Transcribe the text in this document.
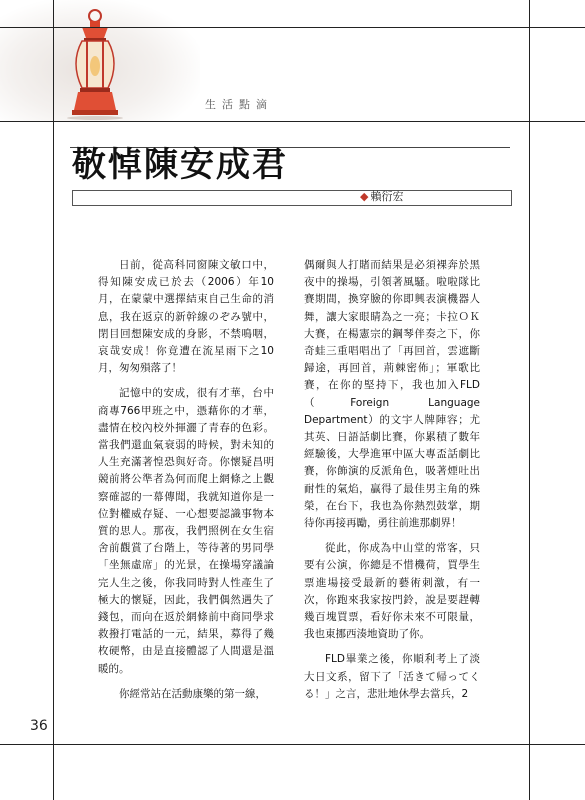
生活點滴
敬悼陳安成君
◆ 賴衍宏

日前，從高科同窗陳文敏口中，得知陳安成已於去（2006）年10月，在蒙蒙中選擇結束自己生命的消息，我在返京的新幹線のぞみ號中，閉目回想陳安成的身影，不禁鳴咽，哀哉安成！你竟遭在流星雨下之10月，匆匆殞落了！

記憶中的安成，很有才華，台中商專766甲班之中，憑藉你的才華，盡情在校內校外揮灑了青春的色彩。當我們還血氣衰弱的時候，對未知的人生充滿著惶恐與好奇。你懷疑昌明競前將公準者為何而爬上網條之上觀察確認的一幕傳聞，我就知道你是一位對權威存疑、一心想要認識事物本質的思人。那夜，我們照例在女生宿舍前觀賞了台階上，等待著的男同學「坐無虛席」的光景，在操場穿議論完人生之後，你我同時對人性產生了極大的懷疑，因此，我們偶然遇失了錢包，而向在返於網條前中商同學求救撥打電話的一元，結果，募得了幾枚硬幣，由是直接體認了人間還是溫暖的。

你經常站在活動康樂的第一線，

偶爾與人打賭而結果是必須裸奔於黑夜中的操場，引領著風騷。啦啦隊比賽期間，換穿臉的你即興表演機器人舞，讓大家眼睛為之一亮；卡拉ＯＫ大賽，在楊憲宗的鋼琴伴奏之下，你奇蛙三重唱唱出了「再回首，雲遮斷歸途，再回首，荊棘密佈」；軍歌比賽，在你的堅持下，我也加入FLD（Foreign Language Department）的文宇人牌陣容；尤其英、日語話劇比賽，你累積了數年經驗後，大學進軍中區大專盃話劇比賽，你飾演的反派角色，吸著煙吐出耐性的氣焰，贏得了最佳男主角的殊榮，在台下，我也為你熱烈鼓掌，期待你再接再勵，勇往前進那劇界！

從此，你成為中山堂的常客，只要有公演，你總是不惜機荷，買學生票進場接受最新的藝術刺激，有一次，你跑來我家按門鈴，說是要趕轉幾百塊買票，看好你未來不可限量，我也東挪西湊地資助了你。

FLD畢業之後，你順利考上了淡大日文系，留下了「活きて帰ってくる！」之言，悲壯地休學去當兵，2

36
